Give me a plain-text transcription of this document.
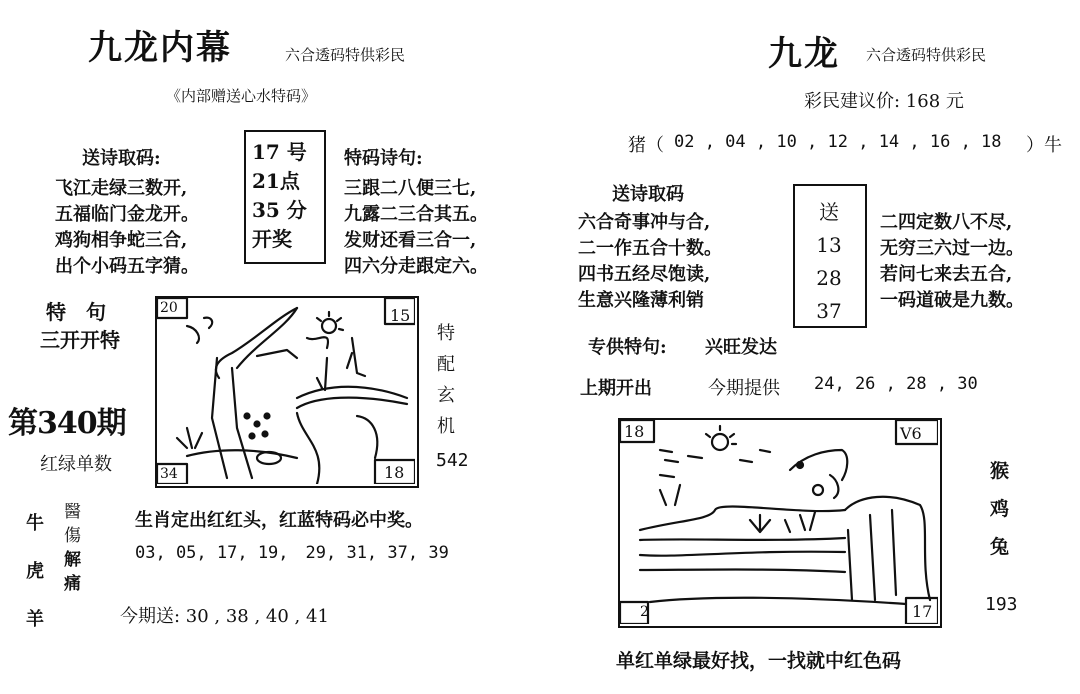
九龙内幕	六合透码特供彩民
《内部赠送心水特码》
送诗取码:
飞江走绿三数开,
五福临门金龙开。
鸡狗相争蛇三合,
出个小码五字猜。
17 号
21点
35 分
开奖
特码诗句:
三跟二八便三七,
九露二三合其五。
发财还看三合一,
四六分走跟定六。
特　句
三开开特
第340期
红绿单数
20	15
34	18
特
配
玄
机
542
牛
虎
羊
醫
傷
解
痛
生肖定出红红头，红蓝特码必中奖。
03, 05, 17, 19,　29, 31, 37, 39
今期送: 30 , 38 , 40 , 41
九龙 六合透码特供彩民
彩民建议价: 168 元
猪（ 02 , 04 , 10 , 12 , 14 , 16 , 18 ）牛
送诗取码
六合奇事冲与合,
二一作五合十数。
四书五经尽饱读,
生意兴隆薄利销
送
13
28
37
二四定数八不尽,
无穷三六过一边。
若问七来去五合,
一码道破是九数。
专供特句: 兴旺发达
上期开出	今期提供 24, 26 , 28 , 30
18	V6
2	17
猴
鸡
兔
193
单红单绿最好找，一找就中红色码
